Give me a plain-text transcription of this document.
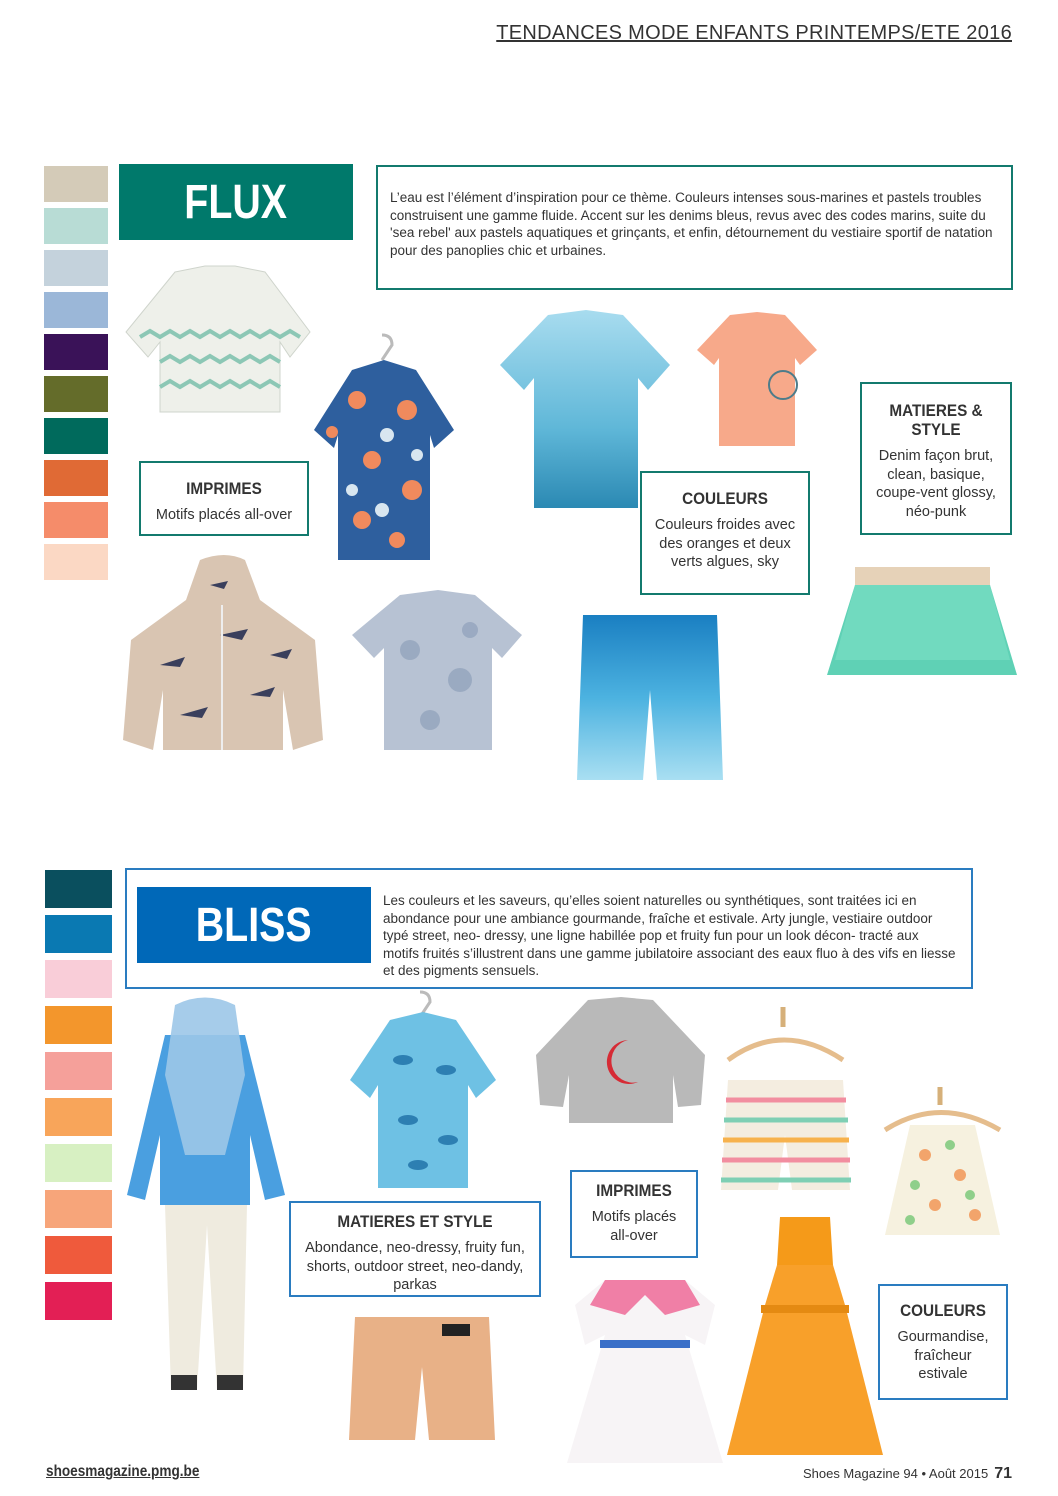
TENDANCES MODE ENFANTS PRINTEMPS/ETE 2016
FLUX	L’eau est l’élément d’inspiration pour ce thème. Couleurs intenses sous-marines et pastels troubles construisent une gamme fluide. Accent sur les denims bleus, revus avec des codes marins, suite du 'sea rebel' aux pastels aquatiques et grinçants, et enfin, détournement du vestiaire sportif de natation pour des panoplies chic et urbaines.
IMPRIMES
Motifs placés all-over
COULEURS
Couleurs froides avec des oranges et deux verts algues, sky
MATIERES & STYLE
Denim façon brut, clean, basique, coupe-vent glossy, néo-punk
Les couleurs et les saveurs, qu’elles soient naturelles ou synthétiques, sont traitées ici en abondance pour une ambiance gourmande, fraîche et estivale. Arty jungle, vestiaire outdoor typé street, neo- dressy, une ligne habillée pop et fruity fun pour un look décon- tracté aux motifs fruités s’illustrent dans une gamme jubilatoire associant des eaux fluo à des vifs en liesse et des pigments sensuels.
BLISS
MATIERES ET STYLE
Abondance, neo-dressy, fruity fun, shorts, outdoor street, neo-dandy, parkas
IMPRIMES
Motifs placés all-over
COULEURS
Gourmandise, fraîcheur estivale
shoesmagazine.pmg.be	Shoes Magazine 94 • Août 2015 71
